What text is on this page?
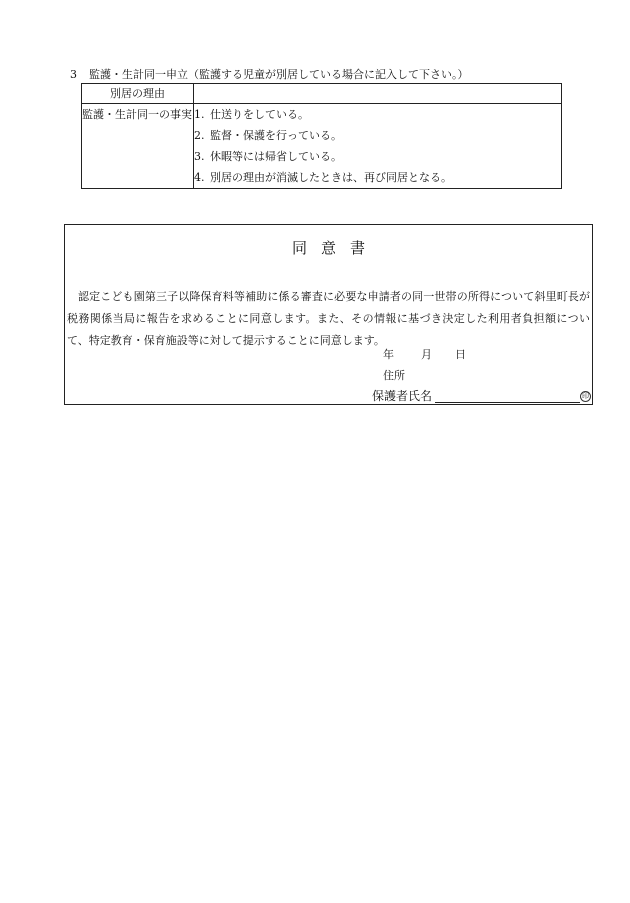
3 監護・生計同一申立（監護する児童が別居している場合に記入して下さい。）
別居の理由	

監護・生計同一の事実	1. 仕送りをしている。
2. 監督・保護を行っている。
3. 休暇等には帰省している。
4. 別居の理由が消滅したときは、再び同居となる。
同意書
認定こども園第三子以降保育料等補助に係る審査に必要な申請者の同一世帯の所得について斜里町長が税務関係当局に報告を求めることに同意します。また、その情報に基づき決定した利用者負担額について、特定教育・保育施設等に対して提示することに同意します。
年 月 日
住所
保護者氏名	印
